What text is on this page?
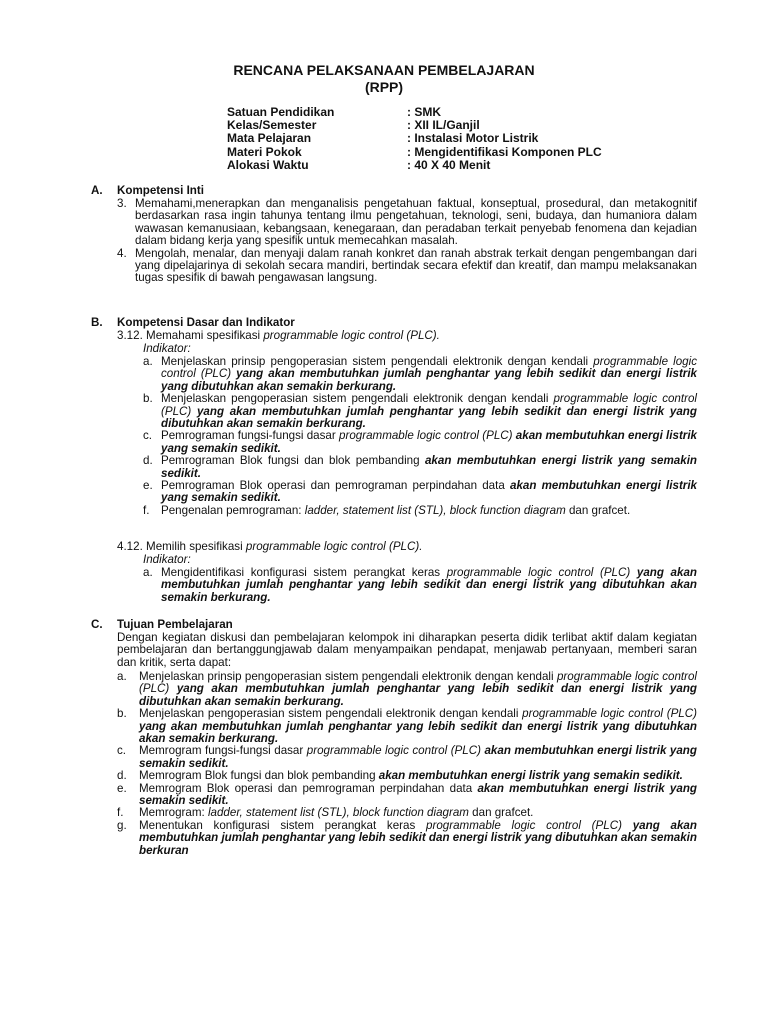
RENCANA PELAKSANAAN PEMBELAJARAN
(RPP)
Satuan Pendidikan	: SMK
Kelas/Semester	: XII IL/Ganjil
Mata Pelajaran	: Instalasi Motor Listrik
Materi Pokok	: Mengidentifikasi Komponen PLC
Alokasi Waktu	: 40 X 40 Menit
A. Kompetensi Inti
3. Memahami,menerapkan dan menganalisis pengetahuan faktual, konseptual, prosedural, dan metakognitif berdasarkan rasa ingin tahunya tentang ilmu pengetahuan, teknologi, seni, budaya, dan humaniora dalam wawasan kemanusiaan, kebangsaan, kenegaraan, dan peradaban terkait penyebab fenomena dan kejadian dalam bidang kerja yang spesifik untuk memecahkan masalah.
4. Mengolah, menalar, dan menyaji dalam ranah konkret dan ranah abstrak terkait dengan pengembangan dari yang dipelajarinya di sekolah secara mandiri, bertindak secara efektif dan kreatif, dan mampu melaksanakan tugas spesifik di bawah pengawasan langsung.
B. Kompetensi Dasar dan Indikator
3.12. Memahami spesifikasi programmable logic control (PLC).
Indikator:
a. Menjelaskan prinsip pengoperasian sistem pengendali elektronik dengan kendali programmable logic control (PLC) yang akan membutuhkan jumlah penghantar yang lebih sedikit dan energi listrik yang dibutuhkan akan semakin berkurang.
b. Menjelaskan pengoperasian sistem pengendali elektronik dengan kendali programmable logic control (PLC) yang akan membutuhkan jumlah penghantar yang lebih sedikit dan energi listrik yang dibutuhkan akan semakin berkurang.
c. Pemrograman fungsi-fungsi dasar programmable logic control (PLC) akan membutuhkan energi listrik yang semakin sedikit.
d. Pemrograman Blok fungsi dan blok pembanding akan membutuhkan energi listrik yang semakin sedikit.
e. Pemrograman Blok operasi dan pemrograman perpindahan data akan membutuhkan energi listrik yang semakin sedikit.
f. Pengenalan pemrograman: ladder, statement list (STL), block function diagram dan grafcet.
4.12. Memilih spesifikasi programmable logic control (PLC).
Indikator:
a. Mengidentifikasi konfigurasi sistem perangkat keras programmable logic control (PLC) yang akan membutuhkan jumlah penghantar yang lebih sedikit dan energi listrik yang dibutuhkan akan semakin berkurang.
C. Tujuan Pembelajaran
Dengan kegiatan diskusi dan pembelajaran kelompok ini diharapkan peserta didik terlibat aktif dalam kegiatan pembelajaran dan bertanggungjawab dalam menyampaikan pendapat, menjawab pertanyaan, memberi saran dan kritik, serta dapat:
a.	Menjelaskan prinsip pengoperasian sistem pengendali elektronik dengan kendali programmable logic control (PLC) yang akan membutuhkan jumlah penghantar yang lebih sedikit dan energi listrik yang dibutuhkan akan semakin berkurang.
b.	Menjelaskan pengoperasian sistem pengendali elektronik dengan kendali programmable logic control (PLC) yang akan membutuhkan jumlah penghantar yang lebih sedikit dan energi listrik yang dibutuhkan akan semakin berkurang.
c.	Memrogram fungsi-fungsi dasar programmable logic control (PLC) akan membutuhkan energi listrik yang semakin sedikit.
d.	Memrogram Blok fungsi dan blok pembanding akan membutuhkan energi listrik yang semakin sedikit.
e.	Memrogram Blok operasi dan pemrograman perpindahan data akan membutuhkan energi listrik yang semakin sedikit.
f.	Memrogram: ladder, statement list (STL), block function diagram dan grafcet.
g.	Menentukan konfigurasi sistem perangkat keras programmable logic control (PLC) yang akan membutuhkan jumlah penghantar yang lebih sedikit dan energi listrik yang dibutuhkan akan semakin berkuran
